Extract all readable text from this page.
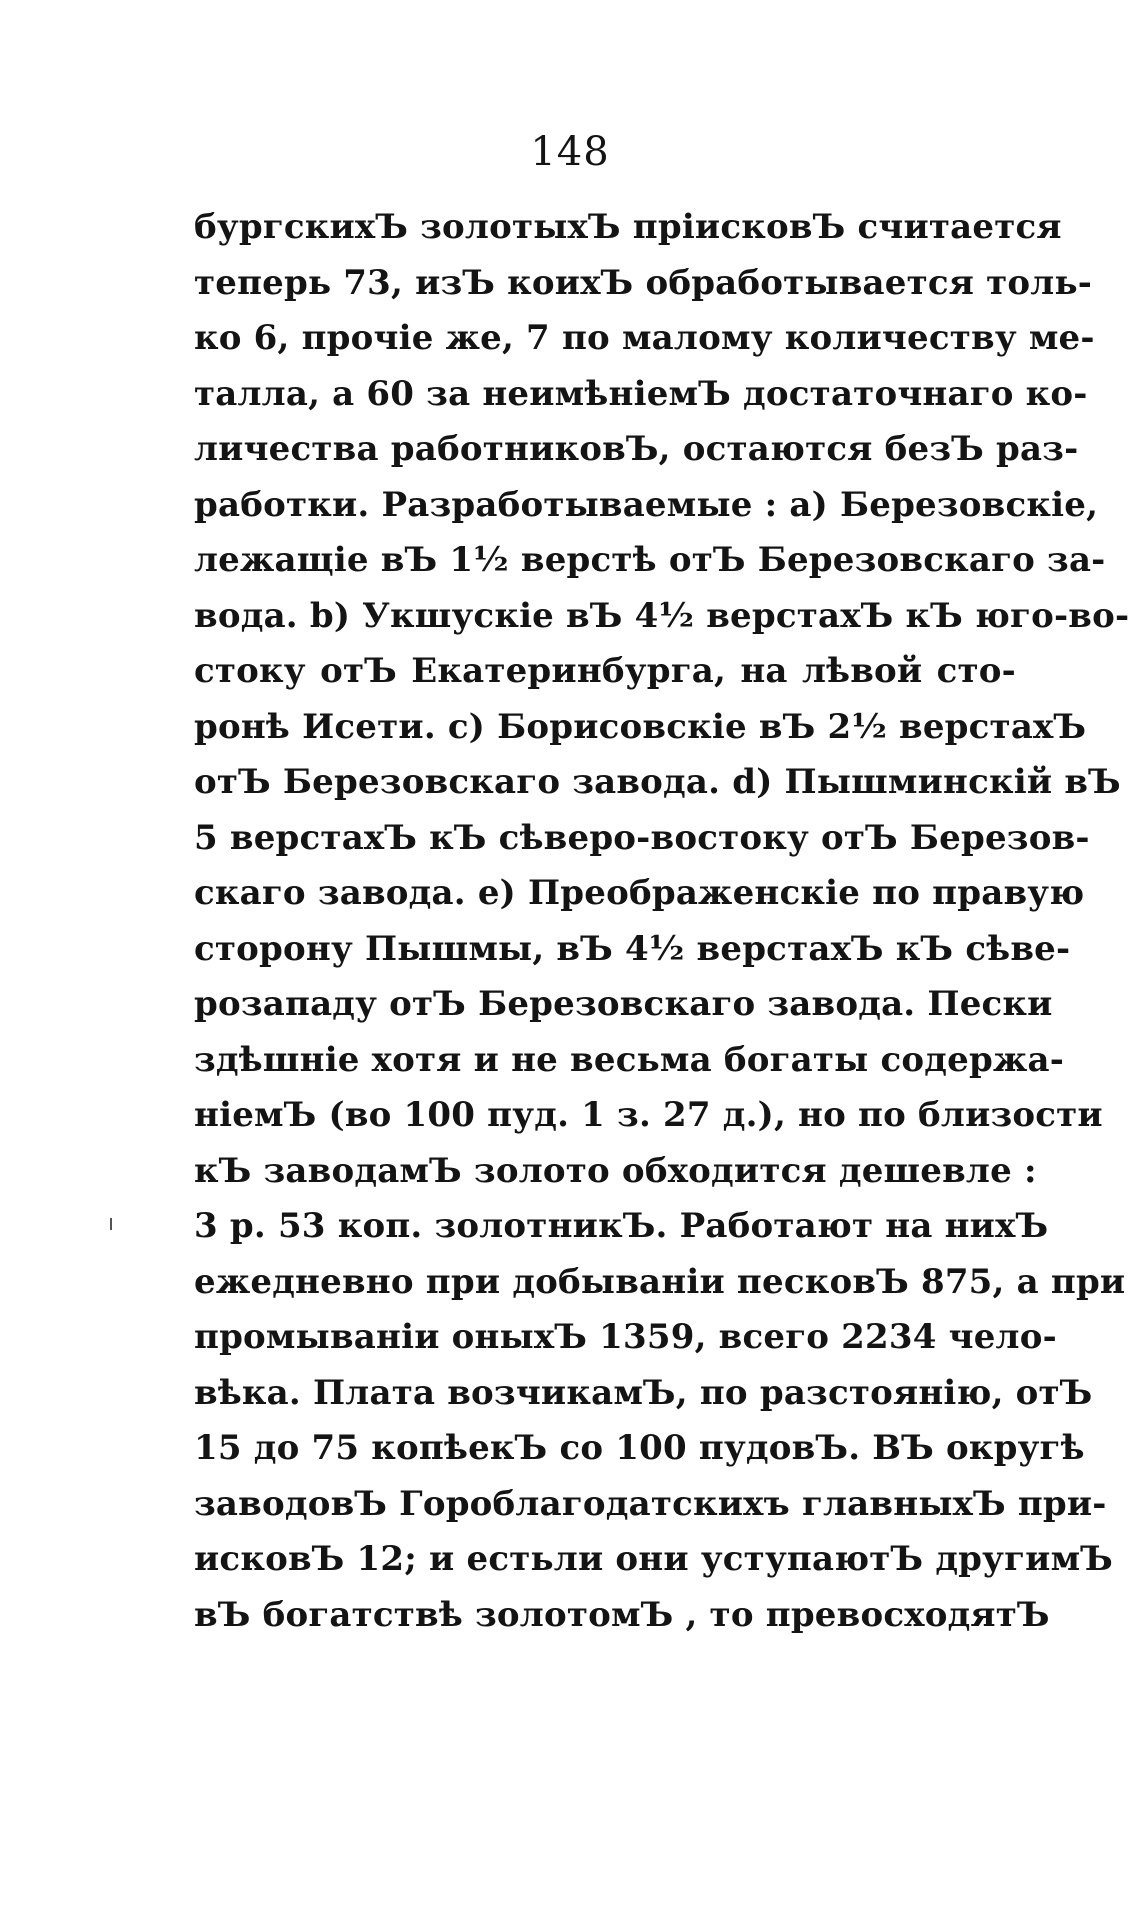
148
бургскихЪ золотыхЪ пріисковЪ считается
теперь 73, изЪ коихЪ обработывается толь-
ко 6, прочіе же, 7 по малому количеству ме-
талла, а 60 за неимѣніемЪ достаточнаго ко-
личества работниковЪ, остаются безЪ раз-
работки. Разработываемые : a) Березовскіе,
лежащіе вЪ 1½ верстѣ отЪ Березовскаго за-
вода. b) Укшускіе вЪ 4½ верстахЪ кЪ юго-во-
стоку отЪ Екатеринбурга, на лѣвой сто-
ронѣ Исети. c) Борисовскіе вЪ 2½ верстахЪ
отЪ Березовскаго завода. d) Пышминскій вЪ
5 верстахЪ кЪ сѣверо-востоку отЪ Березов-
скаго завода. e) Преображенскіе по правую
сторону Пышмы, вЪ 4½ верстахЪ кЪ сѣве-
розападу отЪ Березовскаго завода. Пески
здѣшніе хотя и не весьма богаты содержа-
ніемЪ (во 100 пуд. 1 з. 27 д.), но по близости
кЪ заводамЪ золото обходится дешевле :
3 р. 53 коп. золотникЪ. Работают на нихЪ
ежедневно при добываніи песковЪ 875, а при
промываніи оныхЪ 1359, всего 2234 чело-
вѣка. Плата возчикамЪ, по разстоянію, отЪ
15 до 75 копѣекЪ со 100 пудовЪ. ВЪ округѣ
заводовЪ Гороблагодатскихъ главныхЪ при-
исковЪ 12; и естьли они уступаютЪ другимЪ
вЪ богатствѣ золотомЪ , то превосходятЪ
